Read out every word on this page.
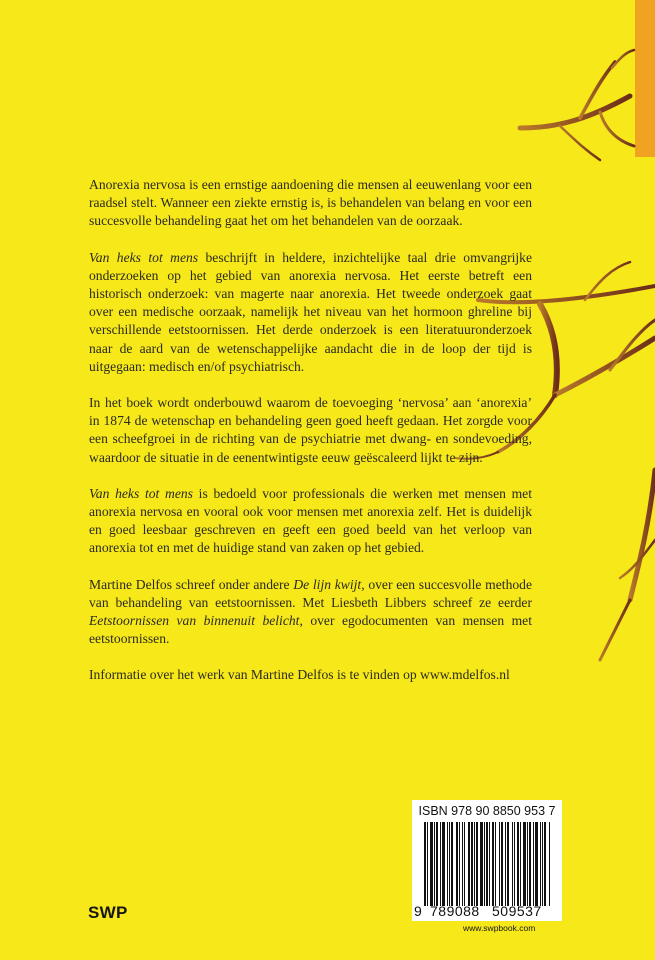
Anorexia nervosa is een ernstige aandoening die mensen al eeuwenlang voor een raadsel stelt. Wanneer een ziekte ernstig is, is behandelen van belang en voor een succesvolle behandeling gaat het om het behandelen van de oorzaak.

Van heks tot mens beschrijft in heldere, inzichtelijke taal drie omvangrijke onderzoeken op het gebied van anorexia nervosa. Het eerste betreft een historisch onderzoek: van magerte naar anorexia. Het tweede onderzoek gaat over een medische oorzaak, namelijk het niveau van het hormoon ghreline bij verschillende eetstoornissen. Het derde onderzoek is een literatuuronderzoek naar de aard van de wetenschappelijke aandacht die in de loop der tijd is uitgegaan: medisch en/of psychiatrisch.

In het boek wordt onderbouwd waarom de toevoeging ‘nervosa’ aan ‘anorexia’ in 1874 de wetenschap en behandeling geen goed heeft gedaan. Het zorgde voor een scheefgroei in de richting van de psychiatrie met dwang- en sondevoeding, waardoor de situatie in de eenentwintigste eeuw geëscaleerd lijkt te zijn.

Van heks tot mens is bedoeld voor professionals die werken met mensen met anorexia nervosa en vooral ook voor mensen met anorexia zelf. Het is duidelijk en goed leesbaar geschreven en geeft een goed beeld van het verloop van anorexia tot en met de huidige stand van zaken op het gebied.

Martine Delfos schreef onder andere De lijn kwijt, over een succesvolle methode van behandeling van eetstoornissen. Met Liesbeth Libbers schreef ze eerder Eetstoornissen van binnenuit belicht, over egodocumenten van mensen met eetstoornissen.

Informatie over het werk van Martine Delfos is te vinden op www.mdelfos.nl

ISBN 978 90 8850 953 7
9 789088 509537
SWP
www.swpbook.com
